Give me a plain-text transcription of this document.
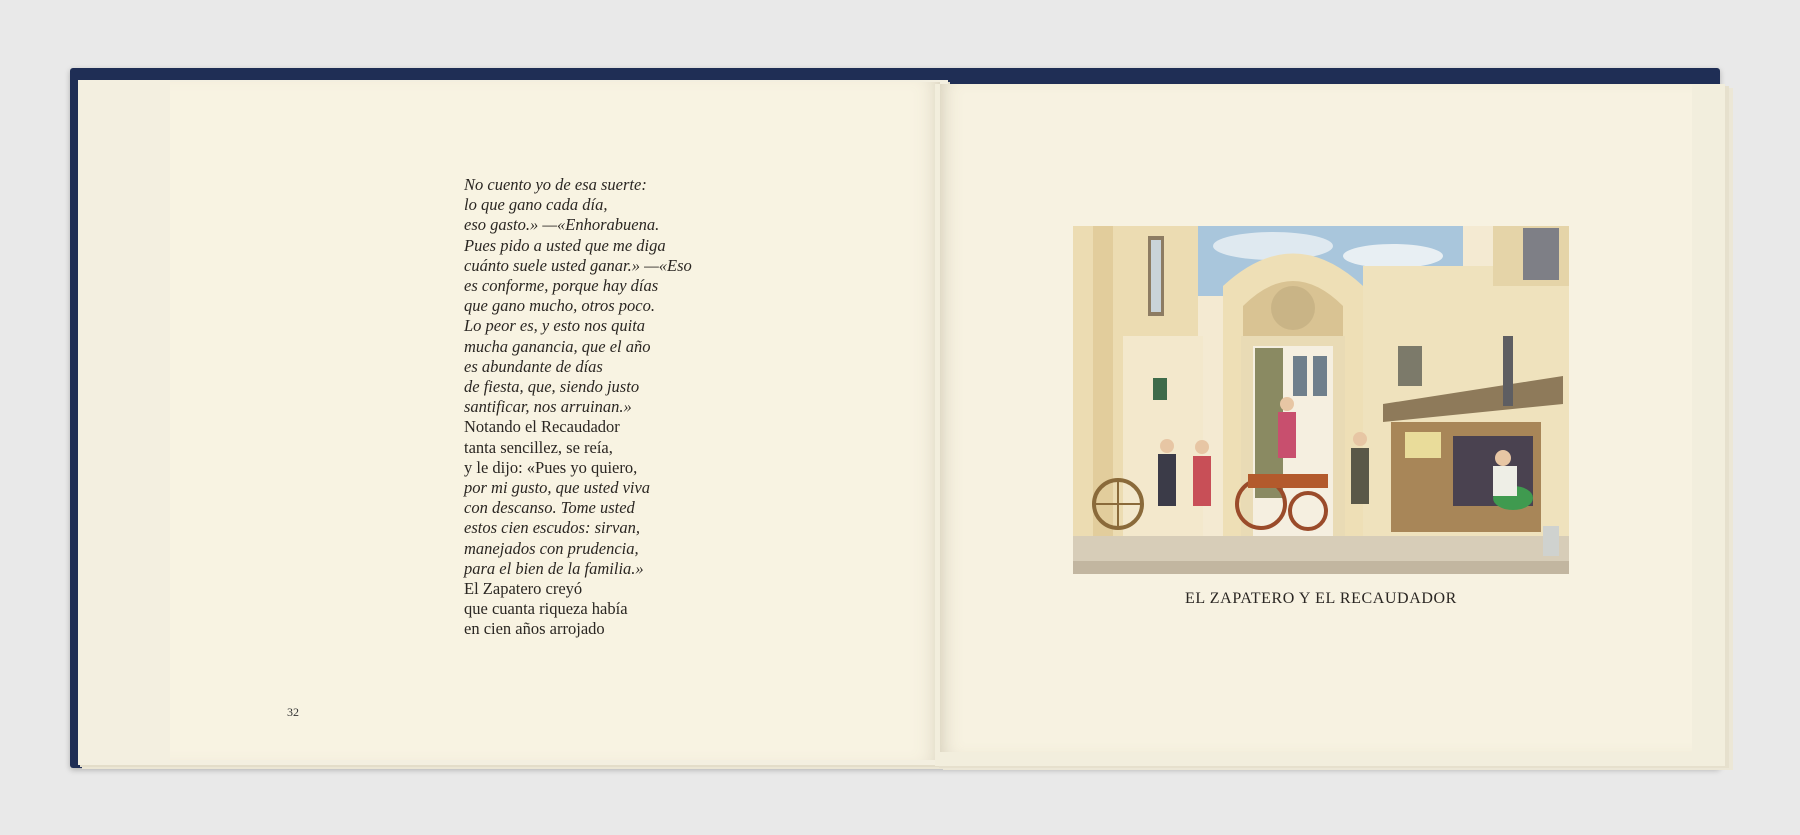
No cuento yo de esa suerte:
lo que gano cada día,
eso gasto.» —«Enhorabuena.
Pues pido a usted que me diga
cuánto suele usted ganar.» —«Eso
es conforme, porque hay días
que gano mucho, otros poco.
Lo peor es, y esto nos quita
mucha ganancia, que el año
es abundante de días
de fiesta, que, siendo justo
santificar, nos arruinan.»
Notando el Recaudador
tanta sencillez, se reía,
y le dijo: «Pues yo quiero,
por mi gusto, que usted viva
con descanso. Tome usted
estos cien escudos: sirvan,
manejados con prudencia,
para el bien de la familia.»
El Zapatero creyó
que cuanta riqueza había
en cien años arrojado
32
EL ZAPATERO Y EL RECAUDADOR
